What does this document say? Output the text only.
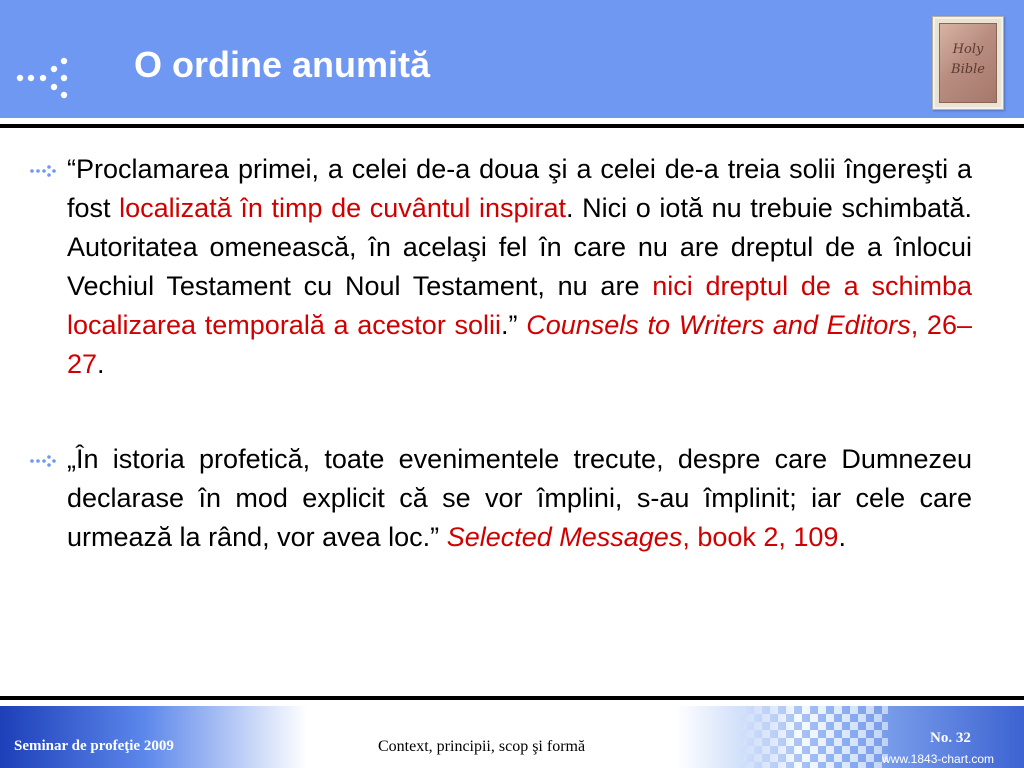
O ordine anumită	Holy
Bible

“Proclamarea primei, a celei de-a doua şi a celei de-a treia solii îngereşti a fost localizată în timp de cuvântul inspirat. Nici o iotă nu trebuie schimbată. Autoritatea omenească, în acelaşi fel în care nu are dreptul de a înlocui Vechiul Testament cu Noul Testament, nu are nici dreptul de a schimba localizarea temporală a acestor solii.” Counsels to Writers and Editors, 26–27.

„În istoria profetică, toate evenimentele trecute, despre care Dumnezeu declarase în mod explicit că se vor împlini, s-au împlinit; iar cele care urmează la rând, vor avea loc.” Selected Messages, book 2, 109.

Seminar de profeţie 2009	Context, principii, scop şi formă	No. 32
www.1843-chart.com
